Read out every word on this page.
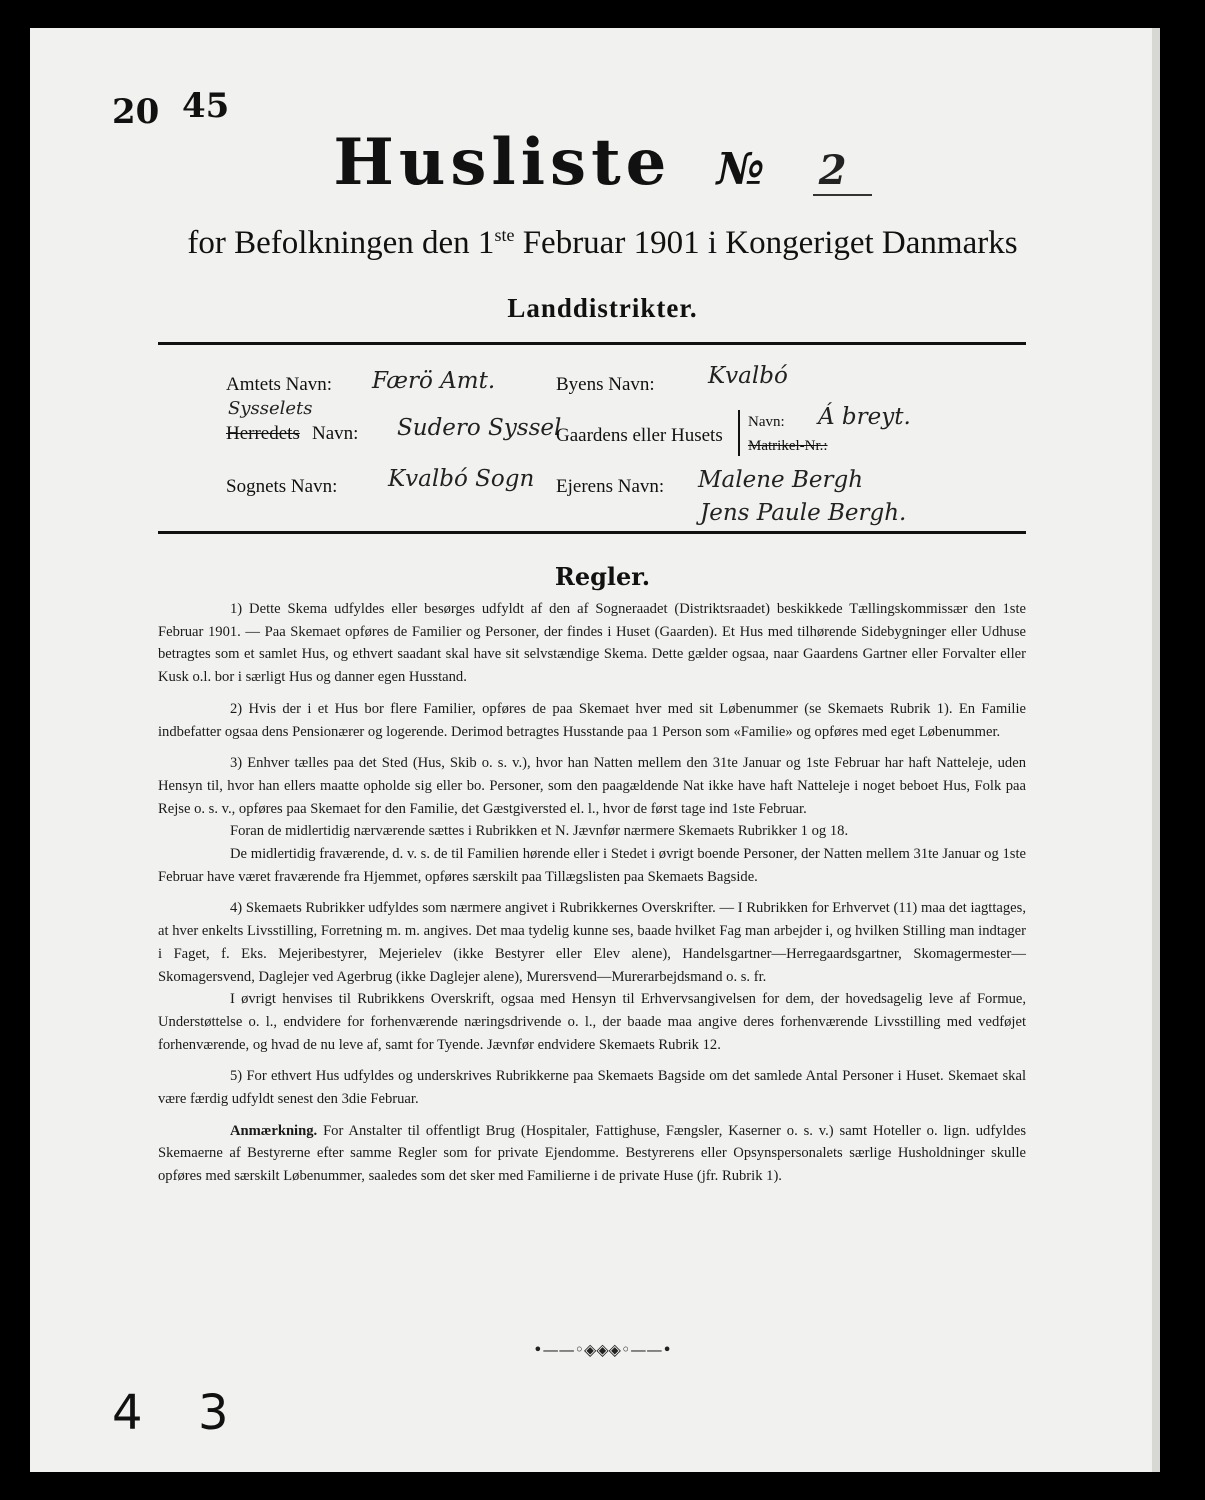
20 45
Husliste № 2
for Befolkningen den 1ste Februar 1901 i Kongeriget Danmarks
Landdistrikter.
Amtets Navn: Færö Amt.	Byens Navn: Kvalbó
Sysselets
Herredets Navn: Sudero Syssel
Gaardens eller Husets
Navn: Á breyt.
Matrikel-Nr.:
Sognets Navn: Kvalbó Sogn Ejerens Navn: Malene Bergh
Jens Paule Bergh.
Regler.

1) Dette Skema udfyldes eller besørges udfyldt af den af Sogneraadet (Distriktsraadet) beskikkede Tællingskommissær den 1ste Februar 1901. — Paa Skemaet opføres de Familier og Personer, der findes i Huset (Gaarden). Et Hus med tilhørende Sidebygninger eller Udhuse betragtes som et samlet Hus, og ethvert saadant skal have sit selvstændige Skema. Dette gælder ogsaa, naar Gaardens Gartner eller Forvalter eller Kusk o.l. bor i særligt Hus og danner egen Husstand.

2) Hvis der i et Hus bor flere Familier, opføres de paa Skemaet hver med sit Løbenummer (se Skemaets Rubrik 1). En Familie indbefatter ogsaa dens Pensionærer og logerende. Derimod betragtes Husstande paa 1 Person som «Familie» og opføres med eget Løbenummer.

3) Enhver tælles paa det Sted (Hus, Skib o. s. v.), hvor han Natten mellem den 31te Januar og 1ste Februar har haft Natteleje, uden Hensyn til, hvor han ellers maatte opholde sig eller bo. Personer, som den paagældende Nat ikke have haft Natteleje i noget beboet Hus, Folk paa Rejse o. s. v., opføres paa Skemaet for den Familie, det Gæstgiversted el. l., hvor de først tage ind 1ste Februar.

Foran de midlertidig nærværende sættes i Rubrikken et N. Jævnfør nærmere Skemaets Rubrikker 1 og 18.

De midlertidig fraværende, d. v. s. de til Familien hørende eller i Stedet i øvrigt boende Personer, der Natten mellem 31te Januar og 1ste Februar have været fraværende fra Hjemmet, opføres særskilt paa Tillægslisten paa Skemaets Bagside.

4) Skemaets Rubrikker udfyldes som nærmere angivet i Rubrikkernes Overskrifter. — I Rubrikken for Erhvervet (11) maa det iagttages, at hver enkelts Livsstilling, Forretning m. m. angives. Det maa tydelig kunne ses, baade hvilket Fag man arbejder i, og hvilken Stilling man indtager i Faget, f. Eks. Mejeribestyrer, Mejerielev (ikke Bestyrer eller Elev alene), Handelsgartner—Herregaardsgartner, Skomagermester—Skomagersvend, Daglejer ved Agerbrug (ikke Daglejer alene), Murersvend—Murerarbejdsmand o. s. fr.

I øvrigt henvises til Rubrikkens Overskrift, ogsaa med Hensyn til Erhvervsangivelsen for dem, der hovedsagelig leve af Formue, Understøttelse o. l., endvidere for forhenværende næringsdrivende o. l., der baade maa angive deres forhenværende Livsstilling med vedføjet forhenværende, og hvad de nu leve af, samt for Tyende. Jævnfør endvidere Skemaets Rubrik 12.

5) For ethvert Hus udfyldes og underskrives Rubrikkerne paa Skemaets Bagside om det samlede Antal Personer i Huset. Skemaet skal være færdig udfyldt senest den 3die Februar.

Anmærkning. For Anstalter til offentligt Brug (Hospitaler, Fattighuse, Fængsler, Kaserner o. s. v.) samt Hoteller o. lign. udfyldes Skemaerne af Bestyrerne efter samme Regler som for private Ejendomme. Bestyrerens eller Opsynspersonalets særlige Husholdninger skulle opføres med særskilt Løbenummer, saaledes som det sker med Familierne i de private Huse (jfr. Rubrik 1).

•——◦◈◈◈◦——•
4 3
